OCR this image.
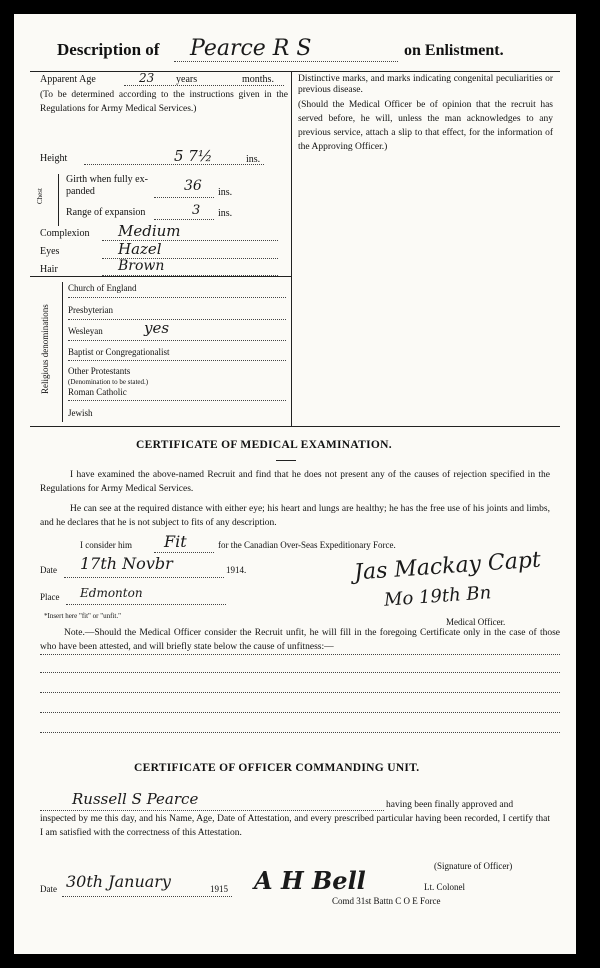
Description of Pearce R S	on Enlistment.
Apparent Age	23 years	months.
(To be determined according to the instructions given in the Regulations for Army Medical Services.)
Height	5 7½	ins.
Chest
Girth when fully ex-
panded	36 ins.
Range of expansion	3 ins.
Complexion Medium
Eyes	Hazel
Hair	Brown
Distinctive marks, and marks indicating congenital peculiarities or previous disease.
(Should the Medical Officer be of opinion that the recruit has served before, he will, unless the man acknowledges to any previous service, attach a slip to that effect, for the information of the Approving Officer.)
Religious denominations
Church of England
Presbyterian
Wesleyan	yes
Baptist or Congregationalist
Other Protestants
(Denomination to be stated.)
Roman Catholic
Jewish
CERTIFICATE OF MEDICAL EXAMINATION.
I have examined the above-named Recruit and find that he does not present any of the causes of rejection specified in the Regulations for Army Medical Services.
He can see at the required distance with either eye; his heart and lungs are healthy; he has the free use of his joints and limbs, and he declares that he is not subject to fits of any description.
I consider him Fit	for the Canadian Over-Seas Expeditionary Force.
Date 17th Novbr	1914.	Jas Mackay Capt
Mo 19th Bn
Place Edmonton
*Insert here "fit" or "unfit."
Medical Officer.
Note.—Should the Medical Officer consider the Recruit unfit, he will fill in the foregoing Certificate only in the case of those who have been attested, and will briefly state below the cause of unfitness:—
CERTIFICATE OF OFFICER COMMANDING UNIT.
Russell S Pearce	having been finally approved and
inspected by me this day, and his Name, Age, Date of Attestation, and every prescribed particular having been recorded, I certify that I am satisfied with the correctness of this Attestation.
(Signature of Officer)
A H Bell	Lt. Colonel
Comd 31st Battn C O E Force
Date 30th January	1915
